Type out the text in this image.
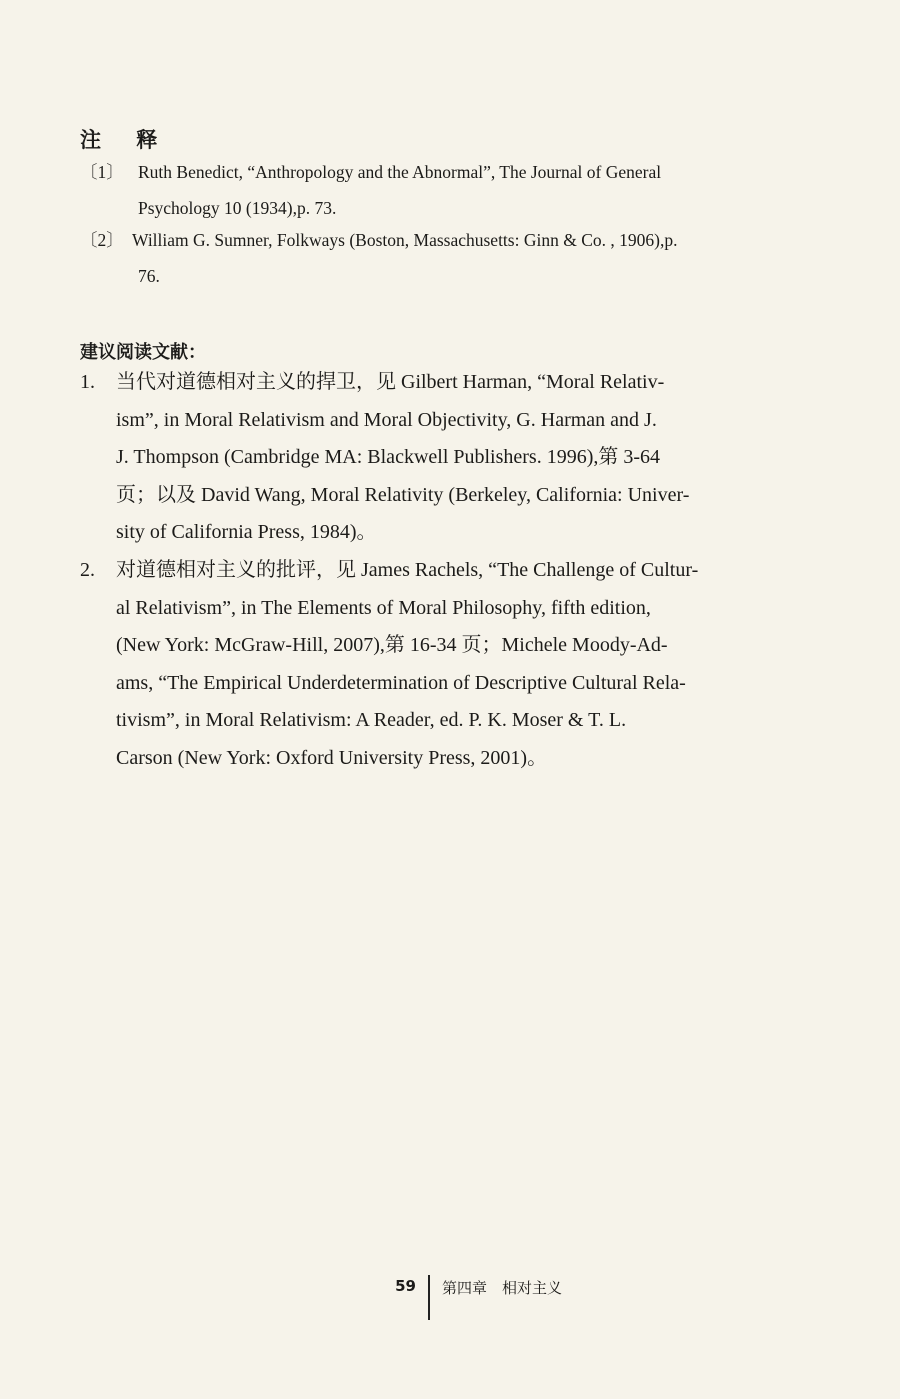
注 释
〔1〕 Ruth Benedict, “Anthropology and the Abnormal”, The Journal of General
Psychology 10 (1934),p. 73.
〔2〕 William G. Sumner, Folkways (Boston, Massachusetts: Ginn & Co. , 1906),p.
76.
建议阅读文献：
1. 当代对道德相对主义的捍卫，见 Gilbert Harman, “Moral Relativ-
ism”, in Moral Relativism and Moral Objectivity, G. Harman and J.
J. Thompson (Cambridge MA: Blackwell Publishers. 1996),第 3-64
页；以及 David Wang, Moral Relativity (Berkeley, California: Univer-
sity of California Press, 1984)。
2. 对道德相对主义的批评，见 James Rachels, “The Challenge of Cultur-
al Relativism”, in The Elements of Moral Philosophy, fifth edition,
(New York: McGraw-Hill, 2007),第 16-34 页；Michele Moody-Ad-
ams, “The Empirical Underdetermination of Descriptive Cultural Rela-
tivism”, in Moral Relativism: A Reader, ed. P. K. Moser & T. L.
Carson (New York: Oxford University Press, 2001)。
59 第四章　相对主义
